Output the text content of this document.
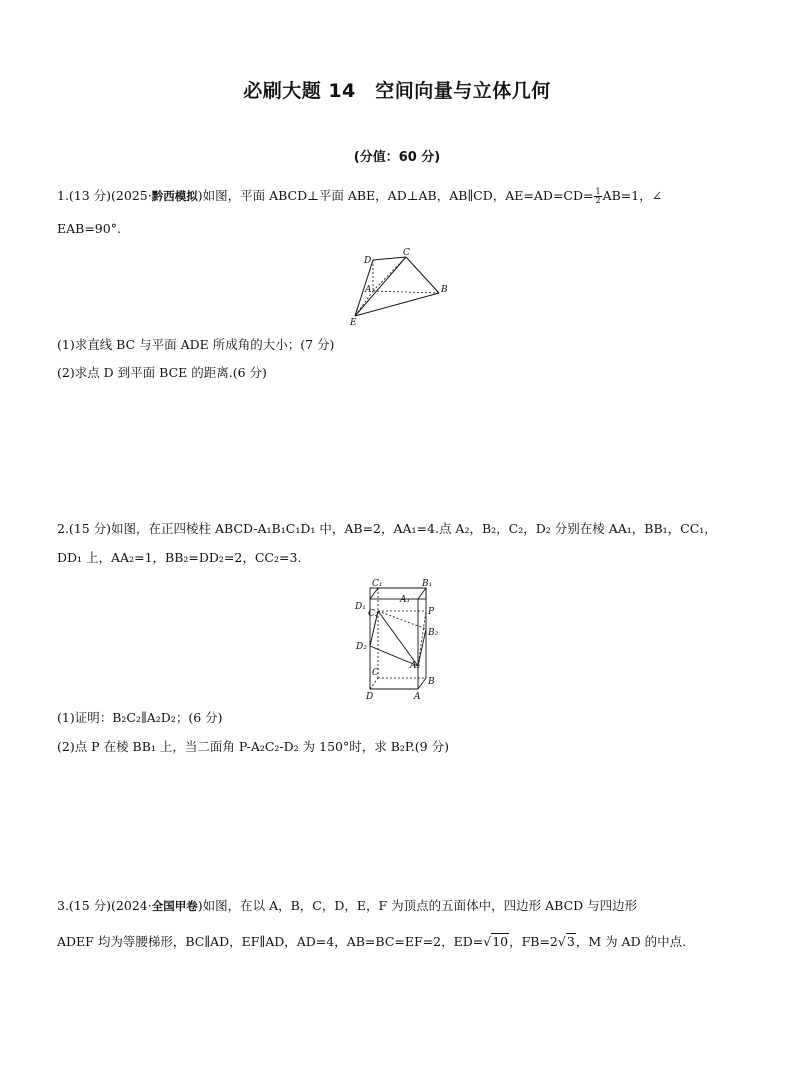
必刷大题 14　空间向量与立体几何
(分值：60 分)
1.(13 分)(2025·黔西模拟)如图，平面 ABCD⊥平面 ABE，AD⊥AB，AB∥CD，$AE=AD=CD= \frac{1}{2} AB=1$，∠
EAB=90°.
D
C
A	B
E
(1)求直线 BC 与平面 ADE 所成角的大小；(7 分)
(2)求点 D 到平面 BCE 的距离.(6 分)
2.(15 分)如图，在正四棱柱 ABCD-A₁B₁C₁D₁ 中，AB=2，AA₁=4.点 A₂，B₂，C₂，D₂ 分别在棱 AA₁，BB₁，CC₁，
DD₁ 上，AA₂=1，BB₂=DD₂=2，CC₂=3.
C₁	B₁
D₁
A₁
C₂	P
B₂
D₂
C
A₂
D
B
A
(1)证明：B₂C₂∥A₂D₂；(6 分)
(2)点 P 在棱 BB₁ 上，当二面角 P-A₂C₂-D₂ 为 150°时，求 B₂P.(9 分)
3.(15 分)(2024·全国甲卷)如图，在以 A，B，C，D，E，F 为顶点的五面体中，四边形 ABCD 与四边形
ADEF 均为等腰梯形，BC∥AD，EF∥AD，AD=4，AB=BC=EF=2，ED=√10，FB=2√3，M 为 AD 的中点.
